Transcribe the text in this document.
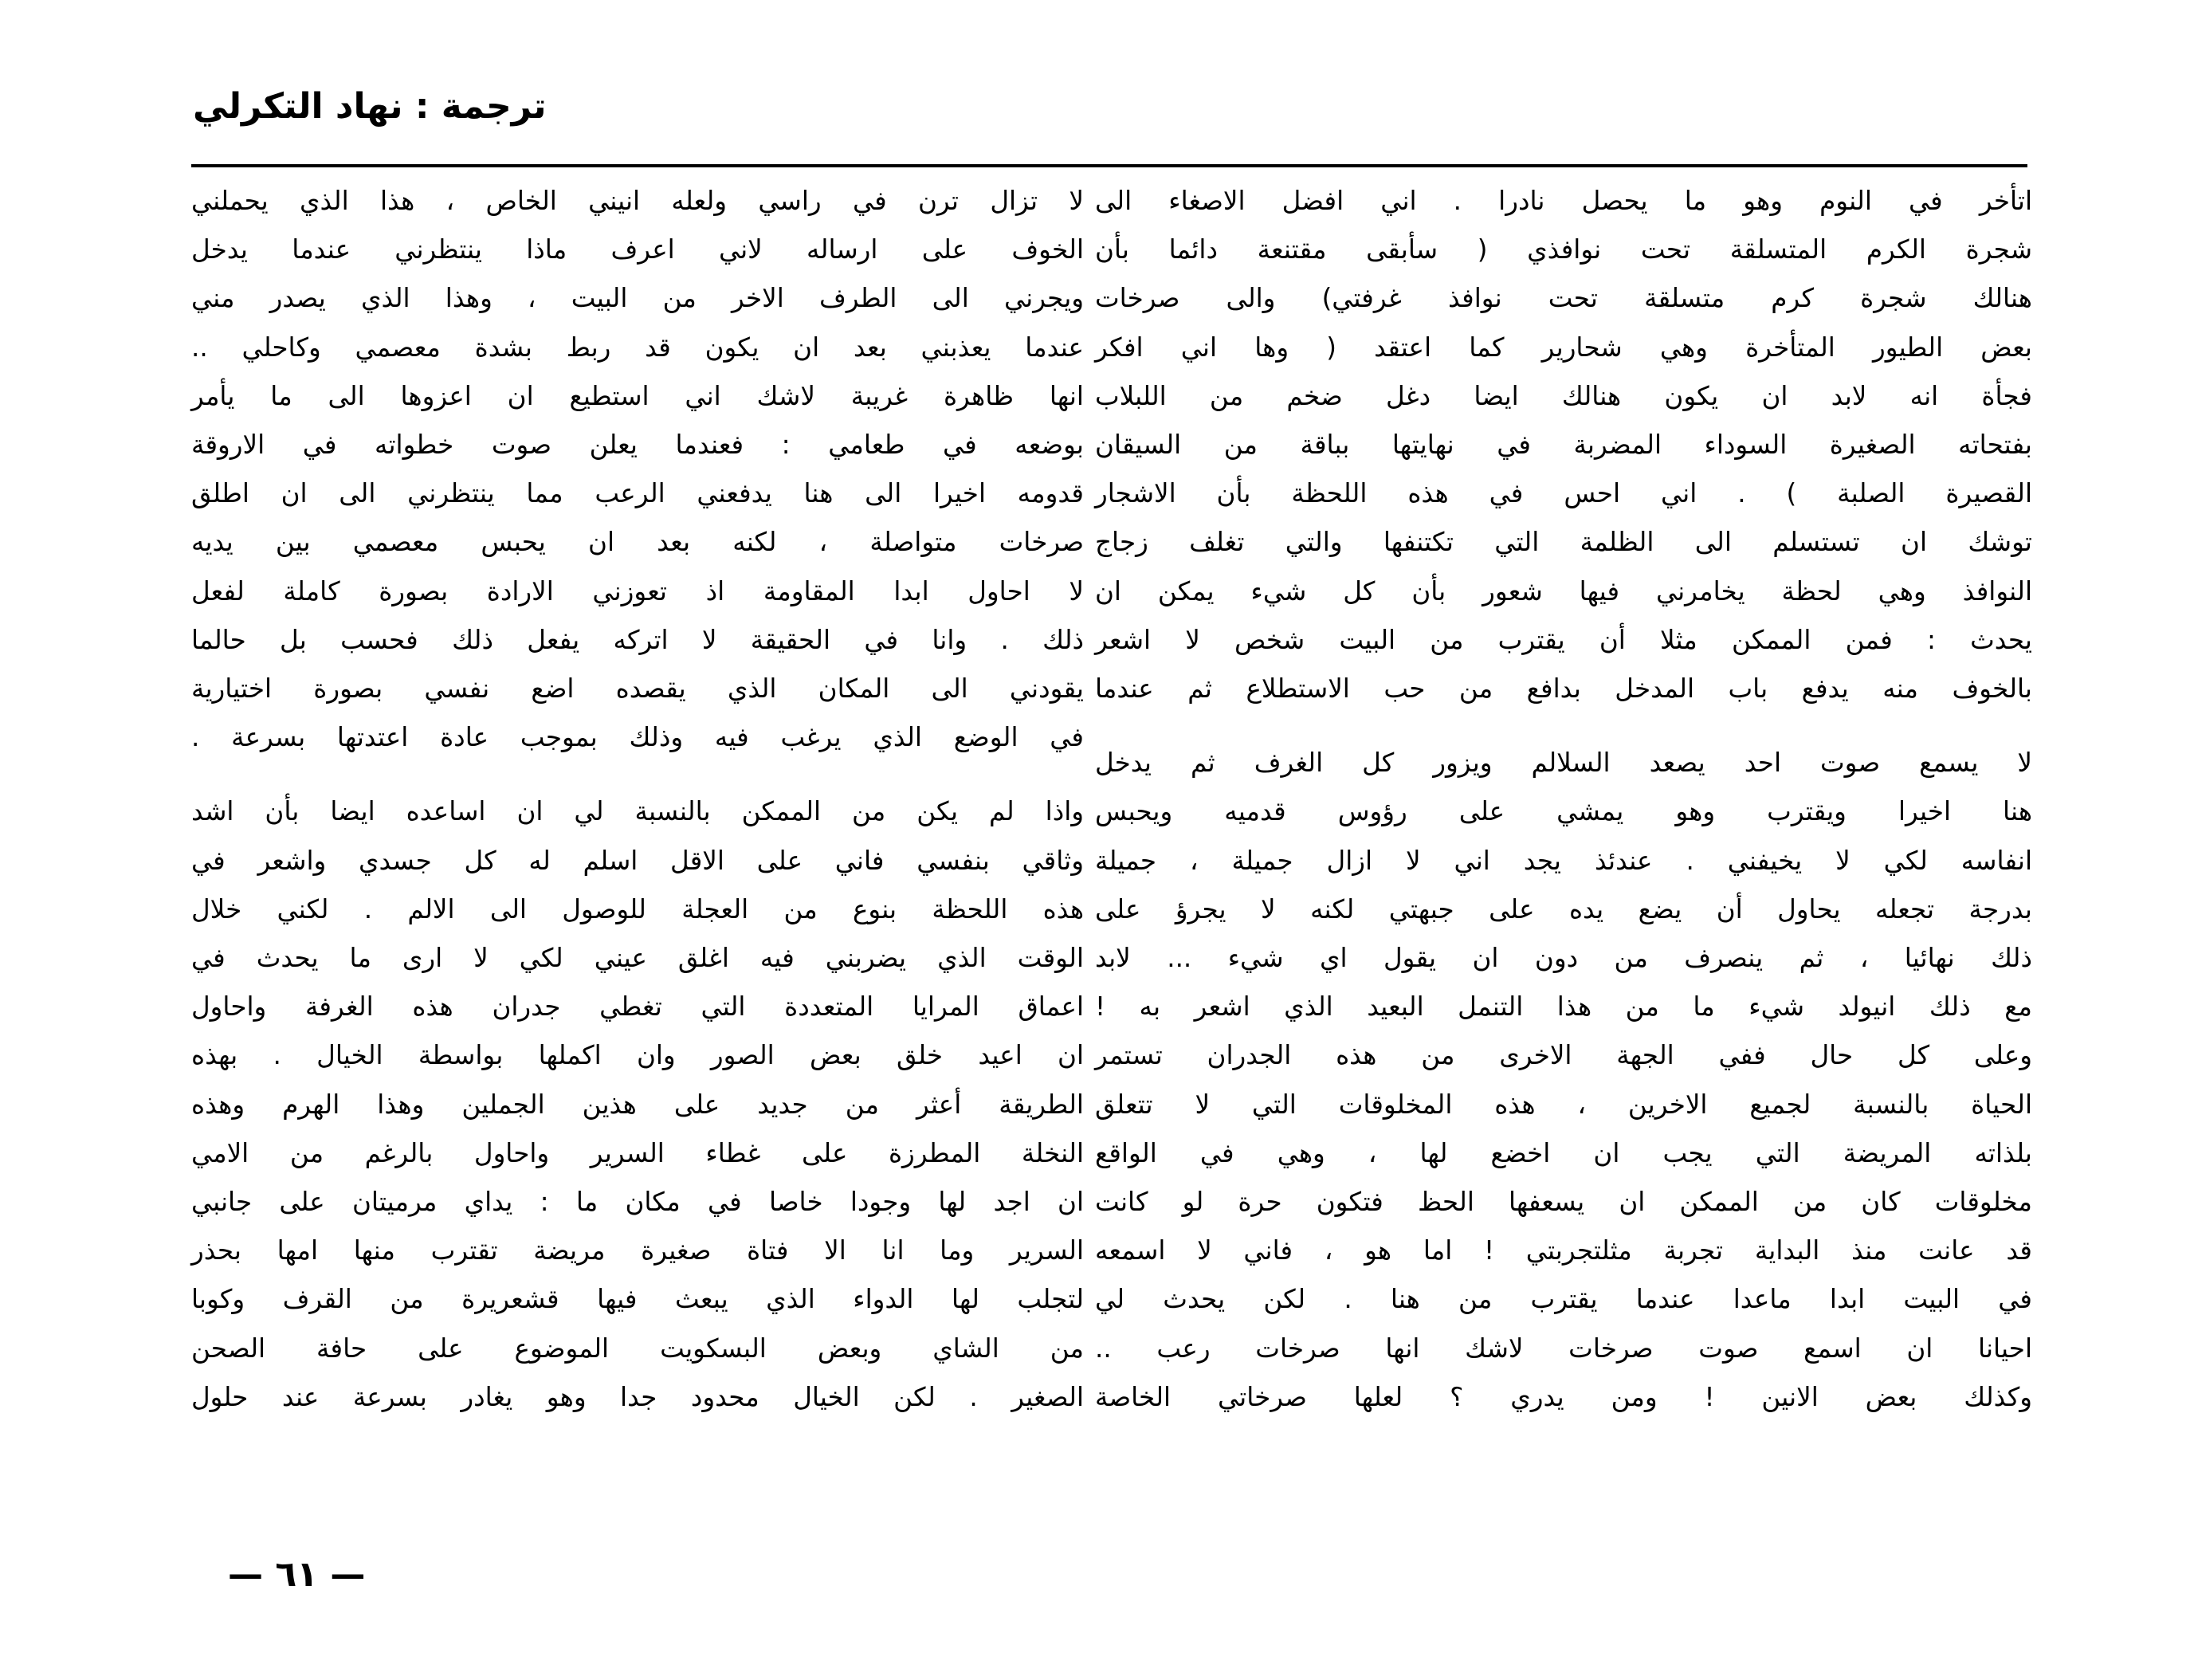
ترجمة : نهاد التكرلي

اتأخر في النوم وهو ما يحصل نادرا . اني افضل الاصغاء الى
شجرة الكرم المتسلقة تحت نوافذي ( سأبقى مقتنعة دائما بأن
هنالك شجرة كرم متسلقة تحت نوافذ غرفتي) والى صرخات
بعض الطيور المتأخرة وهي شحارير كما اعتقد ( وها اني افكر
فجأة انه لابد ان يكون هنالك ايضا دغل ضخم من اللبلاب
بفتحاته الصغيرة السوداء المضربة في نهايتها بباقة من السيقان
القصيرة الصلبة ) . اني احس في هذه اللحظة بأن الاشجار
توشك ان تستسلم الى الظلمة التي تكتنفها والتي تغلف زجاج
النوافذ وهي لحظة يخامرني فيها شعور بأن كل شيء يمكن ان
يحدث : فمن الممكن مثلا أن يقترب من البيت شخص لا اشعر
بالخوف منه يدفع باب المدخل بدافع من حب الاستطلاع ثم عندما

لا يسمع صوت احد يصعد السلالم ويزور كل الغرف ثم يدخل
هنا اخيرا ويقترب وهو يمشي على رؤوس قدميه ويحبس
انفاسه لكي لا يخيفني . عندئذ يجد اني لا ازال جميلة ، جميلة
بدرجة تجعله يحاول أن يضع يده على جبهتي لكنه لا يجرؤ على
ذلك نهائيا ، ثم ينصرف من دون ان يقول اي شيء ... لابد
مع ذلك انيولد شيء ما من هذا التنمل البعيد الذي اشعر به !
وعلى كل حال ففي الجهة الاخرى من هذه الجدران تستمر
الحياة بالنسبة لجميع الاخرين ، هذه المخلوقات التي لا تتعلق
بلذاته المريضة التي يجب ان اخضع لها ، وهي في الواقع
مخلوقات كان من الممكن ان يسعفها الحظ فتكون حرة لو كانت
قد عانت منذ البداية تجربة مثلتجربتي ! اما هو ، فاني لا اسمعه
في البيت ابدا ماعدا عندما يقترب من هنا . لكن يحدث لي
احيانا ان اسمع صوت صرخات لاشك انها صرخات رعب ..
وكذلك بعض الانين ! ومن يدري ؟ لعلها صرخاتي الخاصة

لا تزال ترن في راسي ولعله انيني الخاص ، هذا الذي يحملني
الخوف على ارساله لاني اعرف ماذا ينتظرني عندما يدخل
ويجرني الى الطرف الاخر من البيت ، وهذا الذي يصدر مني
عندما يعذبني بعد ان يكون قد ربط بشدة معصمي وكاحلي ..
انها ظاهرة غريبة لاشك اني استطيع ان اعزوها الى ما يأمر
بوضعه في طعامي : فعندما يعلن صوت خطواته في الاروقة
قدومه اخيرا الى هنا يدفعني الرعب مما ينتظرني الى ان اطلق
صرخات متواصلة ، لكنه بعد ان يحبس معصمي بين يديه
لا احاول ابدا المقاومة اذ تعوزني الارادة بصورة كاملة لفعل
ذلك . وانا في الحقيقة لا اتركه يفعل ذلك فحسب بل حالما
يقودني الى المكان الذي يقصده اضع نفسي بصورة اختيارية
في الوضع الذي يرغب فيه وذلك بموجب عادة اعتدتها بسرعة .

واذا لم يكن من الممكن بالنسبة لي ان اساعده ايضا بأن اشد
وثاقي بنفسي فاني على الاقل اسلم له كل جسدي واشعر في
هذه اللحظة بنوع من العجلة للوصول الى الالم . لكني خلال
الوقت الذي يضربني فيه اغلق عيني لكي لا ارى ما يحدث في
اعماق المرايا المتعددة التي تغطي جدران هذه الغرفة واحاول
ان اعيد خلق بعض الصور وان اكملها بواسطة الخيال . بهذه
الطريقة أعثر من جديد على هذين الجملين وهذا الهرم وهذه
النخلة المطرزة على غطاء السرير واحاول بالرغم من الامي
ان اجد لها وجودا خاصا في مكان ما : يداي مرميتان على جانبي
السرير وما انا الا فتاة صغيرة مريضة تقترب منها امها بحذر
لتجلب لها الدواء الذي يبعث فيها قشعريرة من القرف وكوبا
من الشاي وبعض البسكويت الموضوع على حافة الصحن
الصغير . لكن الخيال محدود جدا وهو يغادر بسرعة عند حلول

— ٦١ —
